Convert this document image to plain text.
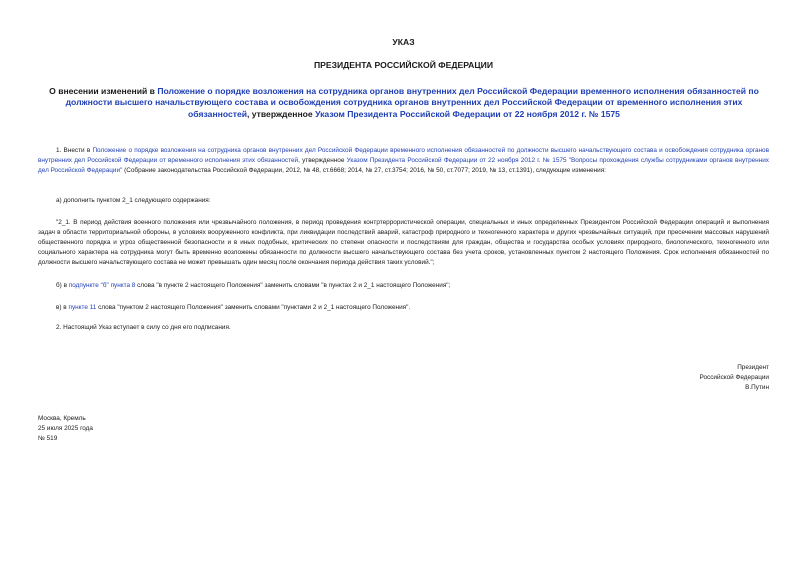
УКАЗ
ПРЕЗИДЕНТА РОССИЙСКОЙ ФЕДЕРАЦИИ
О внесении изменений в Положение о порядке возложения на сотрудника органов внутренних дел Российской Федерации временного исполнения обязанностей по должности высшего начальствующего состава и освобождения сотрудника органов внутренних дел Российской Федерации от временного исполнения этих обязанностей, утвержденное Указом Президента Российской Федерации от 22 ноября 2012 г. № 1575
1. Внести в Положение о порядке возложения на сотрудника органов внутренних дел Российской Федерации временного исполнения обязанностей по должности высшего начальствующего состава и освобождения сотрудника органов внутренних дел Российской Федерации от временного исполнения этих обязанностей, утвержденное Указом Президента Российской Федерации от 22 ноября 2012 г. № 1575 "Вопросы прохождения службы сотрудниками органов внутренних дел Российской Федерации" (Собрание законодательства Российской Федерации, 2012, № 48, ст.6668; 2014, № 27, ст.3754; 2016, № 50, ст.7077; 2019, № 13, ст.1391), следующие изменения:
а) дополнить пунктом 2_1 следующего содержания:
"2_1. В период действия военного положения или чрезвычайного положения, в период проведения контртеррористической операции, специальных и иных определенных Президентом Российской Федерации операций и выполнения задач в области территориальной обороны, в условиях вооруженного конфликта, при ликвидации последствий аварий, катастроф природного и техногенного характера и других чрезвычайных ситуаций, при пресечении массовых нарушений общественного порядка и угроз общественной безопасности и в иных подобных, критических по степени опасности и последствиям для граждан, общества и государства особых условиях природного, биологического, техногенного или социального характера на сотрудника могут быть временно возложены обязанности по должности высшего начальствующего состава без учета сроков, установленных пунктом 2 настоящего Положения. Срок исполнения обязанностей по должности высшего начальствующего состава не может превышать один месяц после окончания периода действия таких условий.";
б) в подпункте "б" пункта 8 слова "в пункте 2 настоящего Положения" заменить словами "в пунктах 2 и 2_1 настоящего Положения";
в) в пункте 11 слова "пунктом 2 настоящего Положения" заменить словами "пунктами 2 и 2_1 настоящего Положения".
2. Настоящий Указ вступает в силу со дня его подписания.
Президент
Российской Федерации
В.Путин
Москва, Кремль
25 июля 2025 года
№ 519
